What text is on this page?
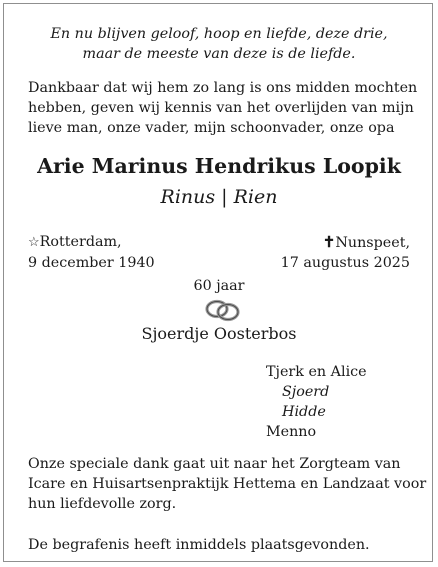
En nu blijven geloof, hoop en liefde, deze drie,
maar de meeste van deze is de liefde.
Dankbaar dat wij hem zo lang is ons midden mochten
hebben, geven wij kennis van het overlijden van mijn
lieve man, onze vader, mijn schoonvader, onze opa
Arie Marinus Hendrikus Loopik
Rinus | Rien
☆Rotterdam,
9 december 1940
✝Nunspeet,
17 augustus 2025
60 jaar
Sjoerdje Oosterbos
Tjerk en Alice
Sjoerd
Hidde
Menno
Onze speciale dank gaat uit naar het Zorgteam van
Icare en Huisartsenpraktijk Hettema en Landzaat voor
hun liefdevolle zorg.
De begrafenis heeft inmiddels plaatsgevonden.
